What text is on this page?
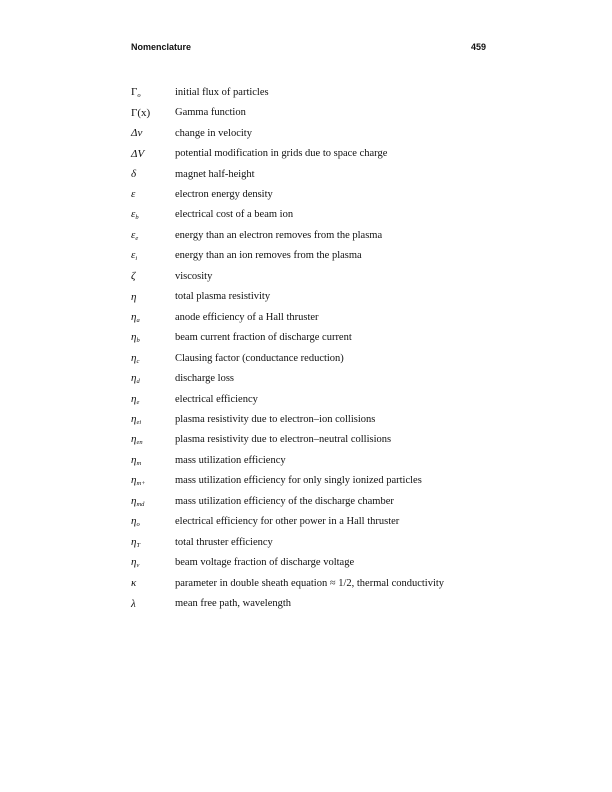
Nomenclature	459
$\Gamma_o$	initial flux of particles
Γ(x)	Gamma function
Δv	change in velocity
ΔV	potential modification in grids due to space charge
δ	magnet half-height
ε	electron energy density
$\varepsilon_b$	electrical cost of a beam ion
$\varepsilon_e$	energy than an electron removes from the plasma
$\varepsilon_i$	energy than an ion removes from the plasma
ζ	viscosity
η	total plasma resistivity
$\eta_a$	anode efficiency of a Hall thruster
$\eta_b$	beam current fraction of discharge current
$\eta_c$	Clausing factor (conductance reduction)
$\eta_d$	discharge loss
$\eta_e$	electrical efficiency
$\eta_{ei}$	plasma resistivity due to electron–ion collisions
$\eta_{en}$	plasma resistivity due to electron–neutral collisions
$\eta_m$	mass utilization efficiency
$\eta_{m+}$	mass utilization efficiency for only singly ionized particles
$\eta_{md}$	mass utilization efficiency of the discharge chamber
$\eta_o$	electrical efficiency for other power in a Hall thruster
$\eta_T$	total thruster efficiency
$\eta_v$	beam voltage fraction of discharge voltage
κ	parameter in double sheath equation ≈ 1/2, thermal conductivity
λ	mean free path, wavelength
